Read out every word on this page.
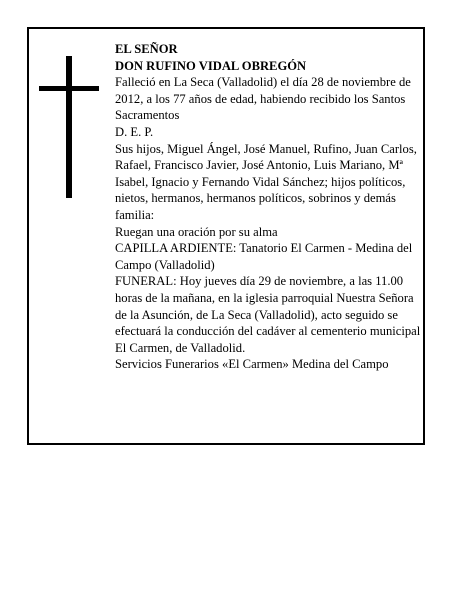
EL SEÑOR

DON RUFINO VIDAL OBREGÓN

Falleció en La Seca (Valladolid) el día 28 de noviembre de 2012, a los 77 años de edad, habiendo recibido los Santos Sacramentos

D. E. P.

Sus hijos, Miguel Ángel, José Manuel, Rufino, Juan Carlos, Rafael, Francisco Javier, José Antonio, Luis Mariano, Mª Isabel, Ignacio y Fernando Vidal Sánchez; hijos políticos, nietos, hermanos, hermanos políticos, sobrinos y demás familia:

Ruegan una oración por su alma

CAPILLA ARDIENTE: Tanatorio El Carmen - Medina del Campo (Valladolid)

FUNERAL: Hoy jueves día 29 de noviembre, a las 11.00 horas de la mañana, en la iglesia parroquial Nuestra Señora de la Asunción, de La Seca (Valladolid), acto seguido se efectuará la conducción del cadáver al cementerio municipal El Carmen, de Valladolid.

Servicios Funerarios «El Carmen» Medina del Campo
